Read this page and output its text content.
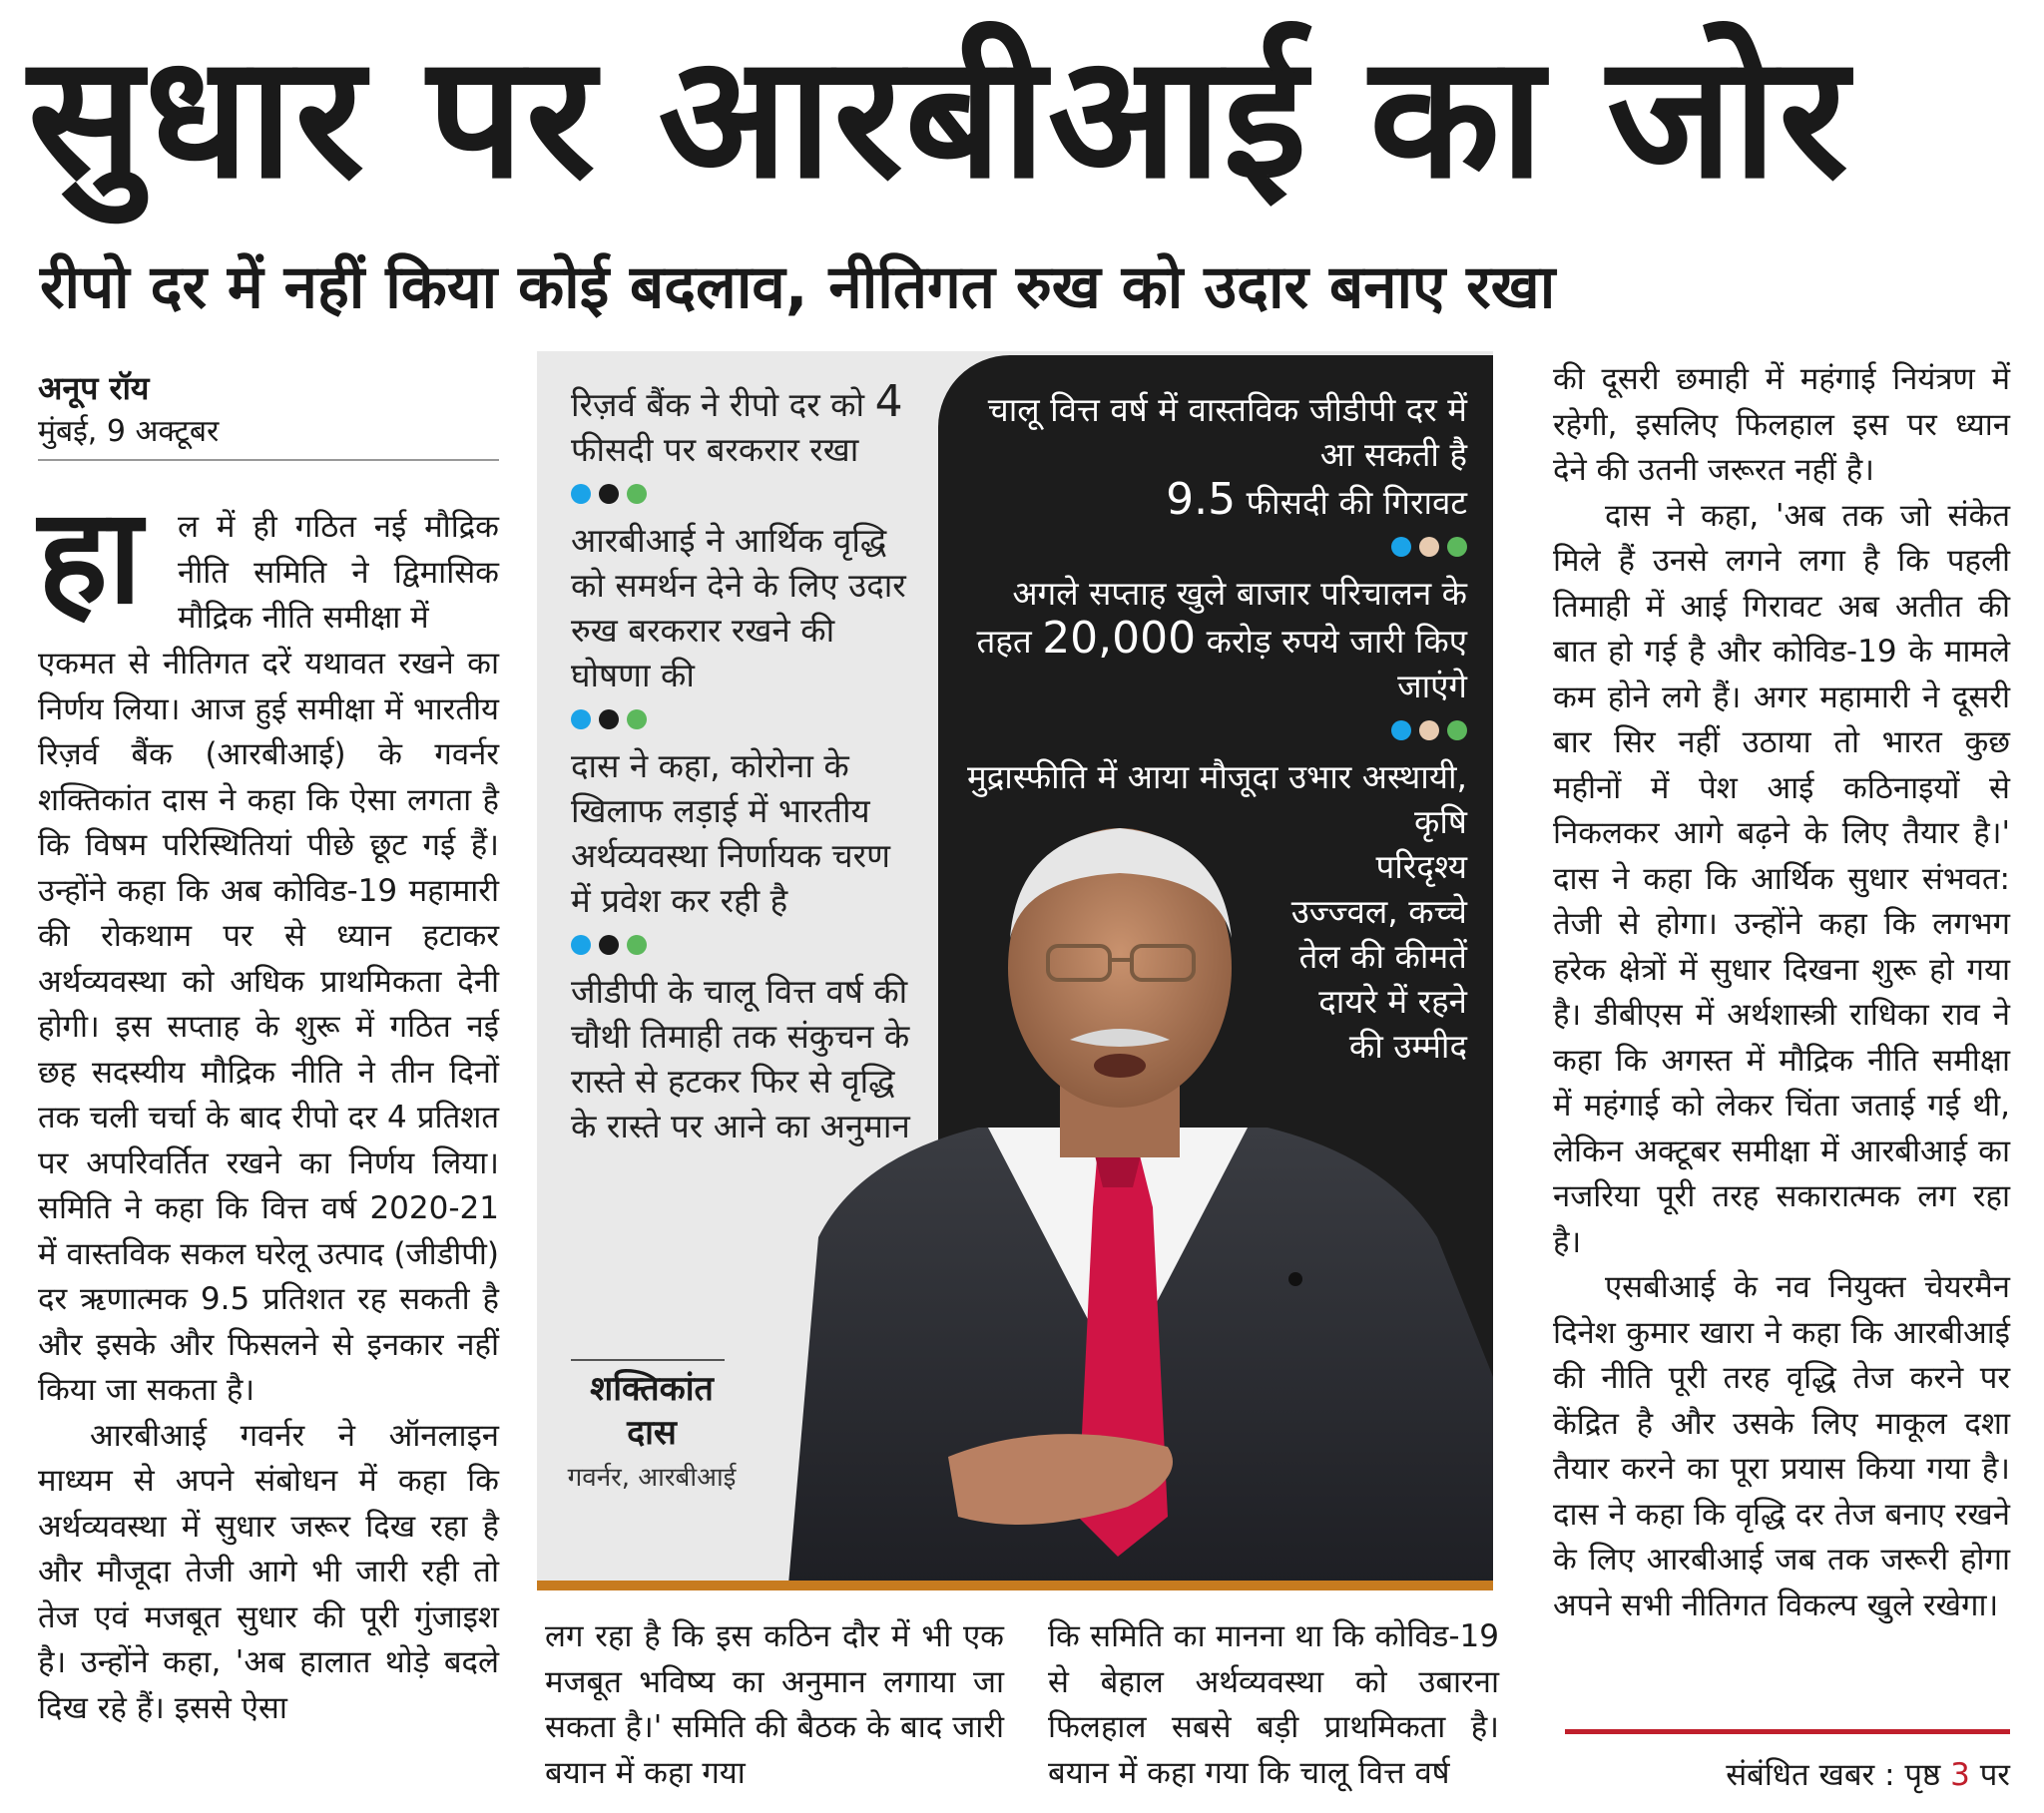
सुधार पर आरबीआई का जोर
रीपो दर में नहीं किया कोई बदलाव, नीतिगत रुख को उदार बनाए रखा
अनूप रॉय
मुंबई, 9 अक्टूबर
हा	ल में ही गठित नई मौद्रिक नीति समिति ने द्विमासिक मौद्रिक नीति समीक्षा में

एकमत से नीतिगत दरें यथावत रखने का निर्णय लिया। आज हुई समीक्षा में भारतीय रिज़र्व बैंक (आरबीआई) के गवर्नर शक्तिकांत दास ने कहा कि ऐसा लगता है कि विषम परिस्थितियां पीछे छूट गई हैं। उन्होंने कहा कि अब कोविड-19 महामारी की रोकथाम पर से ध्यान हटाकर अर्थव्यवस्था को अधिक प्राथमिकता देनी होगी। इस सप्ताह के शुरू में गठित नई छह सदस्यीय मौद्रिक नीति ने तीन दिनों तक चली चर्चा के बाद रीपो दर 4 प्रतिशत पर अपरिवर्तित रखने का निर्णय लिया। समिति ने कहा कि वित्त वर्ष 2020-21 में वास्तविक सकल घरेलू उत्पाद (जीडीपी) दर ऋणात्मक 9.5 प्रतिशत रह सकती है और इसके और फिसलने से इनकार नहीं किया जा सकता है।

आरबीआई गवर्नर ने ऑनलाइन माध्यम से अपने संबोधन में कहा कि अर्थव्यवस्था में सुधार जरूर दिख रहा है और मौजूदा तेजी आगे भी जारी रही तो तेज एवं मजबूत सुधार की पूरी गुंजाइश है। उन्होंने कहा, 'अब हालात थोड़े बदले दिख रहे हैं। इससे ऐसा

रिज़र्व बैंक ने रीपो दर को 4 फीसदी पर बरकरार रखा
आरबीआई ने आर्थिक वृद्धि को समर्थन देने के लिए उदार रुख बरकरार रखने की घोषणा की
दास ने कहा, कोरोना के खिलाफ लड़ाई में भारतीय अर्थव्यवस्था निर्णायक चरण में प्रवेश कर रही है
जीडीपी के चालू वित्त वर्ष की चौथी तिमाही तक संकुचन के रास्ते से हटकर फिर से वृद्धि के रास्ते पर आने का अनुमान
चालू वित्त वर्ष में वास्तविक जीडीपी दर में आ सकती है
9.5 फीसदी की गिरावट
अगले सप्ताह खुले बाजार परिचालन के तहत 20,000 करोड़ रुपये जारी किए जाएंगे
मुद्रास्फीति में आया मौजूदा उभार अस्थायी, कृषि
परिदृश्य उज्ज्वल, कच्चे तेल की कीमतें दायरे में रहने की उम्मीद
शक्तिकांत दास
गवर्नर, आरबीआई

लग रहा है कि इस कठिन दौर में भी एक मजबूत भविष्य का अनुमान लगाया जा सकता है।' समिति की बैठक के बाद जारी बयान में कहा गया

कि समिति का मानना था कि कोविड-19 से बेहाल अर्थव्यवस्था को उबारना फिलहाल सबसे बड़ी प्राथमिकता है। बयान में कहा गया कि चालू वित्त वर्ष

की दूसरी छमाही में महंगाई नियंत्रण में रहेगी, इसलिए फिलहाल इस पर ध्यान देने की उतनी जरूरत नहीं है।

दास ने कहा, 'अब तक जो संकेत मिले हैं उनसे लगने लगा है कि पहली तिमाही में आई गिरावट अब अतीत की बात हो गई है और कोविड-19 के मामले कम होने लगे हैं। अगर महामारी ने दूसरी बार सिर नहीं उठाया तो भारत कुछ महीनों में पेश आई कठिनाइयों से निकलकर आगे बढ़ने के लिए तैयार है।' दास ने कहा कि आर्थिक सुधार संभवत: तेजी से होगा। उन्होंने कहा कि लगभग हरेक क्षेत्रों में सुधार दिखना शुरू हो गया है। डीबीएस में अर्थशास्त्री राधिका राव ने कहा कि अगस्त में मौद्रिक नीति समीक्षा में महंगाई को लेकर चिंता जताई गई थी, लेकिन अक्टूबर समीक्षा में आरबीआई का नजरिया पूरी तरह सकारात्मक लग रहा है।

एसबीआई के नव नियुक्त चेयरमैन दिनेश कुमार खारा ने कहा कि आरबीआई की नीति पूरी तरह वृद्धि तेज करने पर केंद्रित है और उसके लिए माकूल दशा तैयार करने का पूरा प्रयास किया गया है। दास ने कहा कि वृद्धि दर तेज बनाए रखने के लिए आरबीआई जब तक जरूरी होगा अपने सभी नीतिगत विकल्प खुले रखेगा।

संबंधित खबर : पृष्ठ 3 पर
